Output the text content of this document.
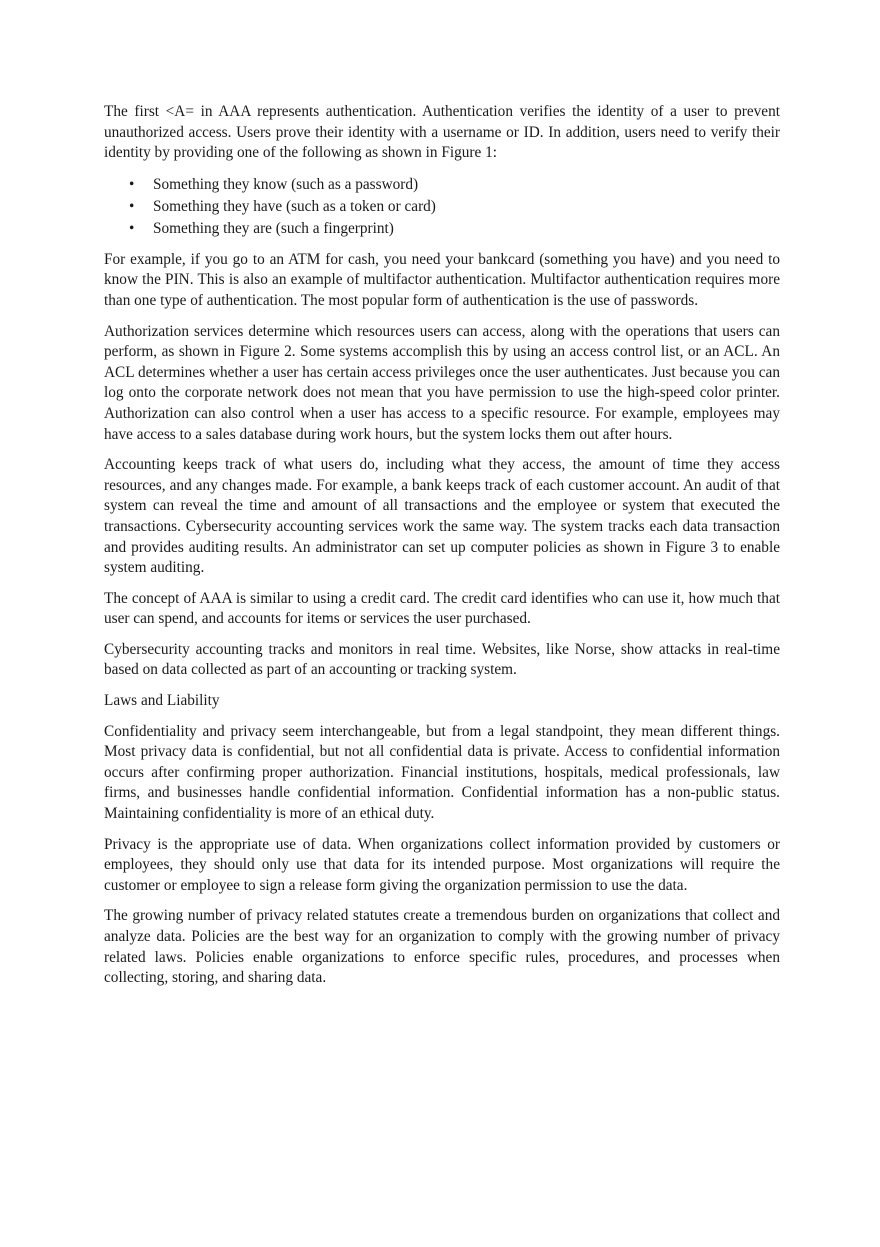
The first <A= in AAA represents authentication. Authentication verifies the identity of a user to prevent unauthorized access. Users prove their identity with a username or ID. In addition, users need to verify their identity by providing one of the following as shown in Figure 1:

• Something they know (such as a password)
• Something they have (such as a token or card)
• Something they are (such a fingerprint)

For example, if you go to an ATM for cash, you need your bankcard (something you have) and you need to know the PIN. This is also an example of multifactor authentication. Multifactor authentication requires more than one type of authentication. The most popular form of authentication is the use of passwords.

Authorization services determine which resources users can access, along with the operations that users can perform, as shown in Figure 2. Some systems accomplish this by using an access control list, or an ACL. An ACL determines whether a user has certain access privileges once the user authenticates. Just because you can log onto the corporate network does not mean that you have permission to use the high-speed color printer. Authorization can also control when a user has access to a specific resource. For example, employees may have access to a sales database during work hours, but the system locks them out after hours.

Accounting keeps track of what users do, including what they access, the amount of time they access resources, and any changes made. For example, a bank keeps track of each customer account. An audit of that system can reveal the time and amount of all transactions and the employee or system that executed the transactions. Cybersecurity accounting services work the same way. The system tracks each data transaction and provides auditing results. An administrator can set up computer policies as shown in Figure 3 to enable system auditing.

The concept of AAA is similar to using a credit card. The credit card identifies who can use it, how much that user can spend, and accounts for items or services the user purchased.

Cybersecurity accounting tracks and monitors in real time. Websites, like Norse, show attacks in real-time based on data collected as part of an accounting or tracking system.

Laws and Liability

Confidentiality and privacy seem interchangeable, but from a legal standpoint, they mean different things. Most privacy data is confidential, but not all confidential data is private. Access to confidential information occurs after confirming proper authorization. Financial institutions, hospitals, medical professionals, law firms, and businesses handle confidential information. Confidential information has a non-public status. Maintaining confidentiality is more of an ethical duty.

Privacy is the appropriate use of data. When organizations collect information provided by customers or employees, they should only use that data for its intended purpose. Most organizations will require the customer or employee to sign a release form giving the organization permission to use the data.

The growing number of privacy related statutes create a tremendous burden on organizations that collect and analyze data. Policies are the best way for an organization to comply with the growing number of privacy related laws. Policies enable organizations to enforce specific rules, procedures, and processes when collecting, storing, and sharing data.
